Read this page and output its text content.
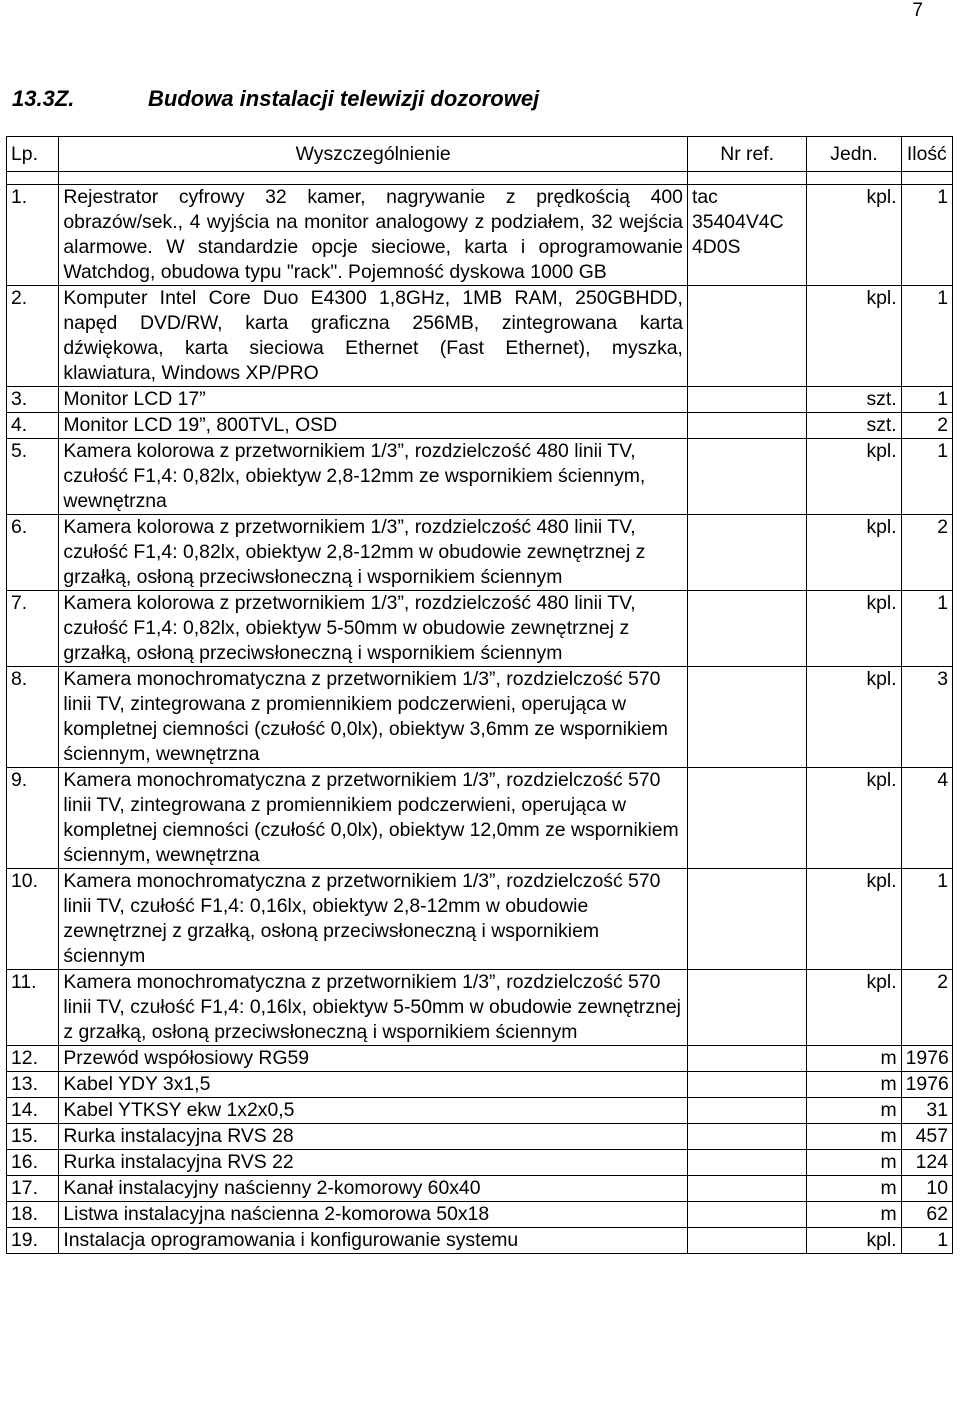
7
13.3Z.	Budowa instalacji telewizji dozorowej
Lp.	Wyszczególnienie	Nr ref.	Jedn.	Ilość

1.	Rejestrator cyfrowy 32 kamer, nagrywanie z prędkością 400 obrazów/sek., 4 wyjścia na monitor analogowy z podziałem, 32 wejścia alarmowe. W standardzie opcje sieciowe, karta i oprogramowanie Watchdog, obudowa typu "rack". Pojemność dyskowa 1000 GB	tac 35404V4C 4D0S	kpl.	1
2.	Komputer Intel Core Duo E4300 1,8GHz, 1MB RAM, 250GBHDD, napęd DVD/RW, karta graficzna 256MB, zintegrowana karta dźwiękowa, karta sieciowa Ethernet (Fast Ethernet), myszka, klawiatura, Windows XP/PRO		kpl.	1
3.	Monitor LCD 17”		szt.	1
4.	Monitor LCD 19”, 800TVL, OSD		szt.	2
5.	Kamera kolorowa z przetwornikiem 1/3”, rozdzielczość 480 linii TV, czułość F1,4: 0,82lx, obiektyw 2,8-12mm ze wspornikiem ściennym, wewnętrzna		kpl.	1
6.	Kamera kolorowa z przetwornikiem 1/3”, rozdzielczość 480 linii TV, czułość F1,4: 0,82lx, obiektyw 2,8-12mm w obudowie zewnętrznej z grzałką, osłoną przeciwsłoneczną i wspornikiem ściennym		kpl.	2
7.	Kamera kolorowa z przetwornikiem 1/3”, rozdzielczość 480 linii TV, czułość F1,4: 0,82lx, obiektyw 5-50mm w obudowie zewnętrznej z grzałką, osłoną przeciwsłoneczną i wspornikiem ściennym		kpl.	1
8.	Kamera monochromatyczna z przetwornikiem 1/3”, rozdzielczość 570 linii TV, zintegrowana z promiennikiem podczerwieni, operująca w kompletnej ciemności (czułość 0,0lx), obiektyw 3,6mm ze wspornikiem ściennym, wewnętrzna		kpl.	3
9.	Kamera monochromatyczna z przetwornikiem 1/3”, rozdzielczość 570 linii TV, zintegrowana z promiennikiem podczerwieni, operująca w kompletnej ciemności (czułość 0,0lx), obiektyw 12,0mm ze wspornikiem ściennym, wewnętrzna		kpl.	4
10.	Kamera monochromatyczna z przetwornikiem 1/3”, rozdzielczość 570 linii TV, czułość F1,4: 0,16lx, obiektyw 2,8-12mm w obudowie zewnętrznej z grzałką, osłoną przeciwsłoneczną i wspornikiem ściennym		kpl.	1
11.	Kamera monochromatyczna z przetwornikiem 1/3”, rozdzielczość 570 linii TV, czułość F1,4: 0,16lx, obiektyw 5-50mm w obudowie zewnętrznej z grzałką, osłoną przeciwsłoneczną i wspornikiem ściennym		kpl.	2
12.	Przewód współosiowy RG59		m	1976
13.	Kabel YDY 3x1,5		m	1976
14.	Kabel YTKSY ekw 1x2x0,5		m	31
15.	Rurka instalacyjna RVS 28		m	457
16.	Rurka instalacyjna RVS 22		m	124
17.	Kanał instalacyjny naścienny 2-komorowy 60x40		m	10
18.	Listwa instalacyjna naścienna 2-komorowa 50x18		m	62
19.	Instalacja oprogramowania i konfigurowanie systemu		kpl.	1
